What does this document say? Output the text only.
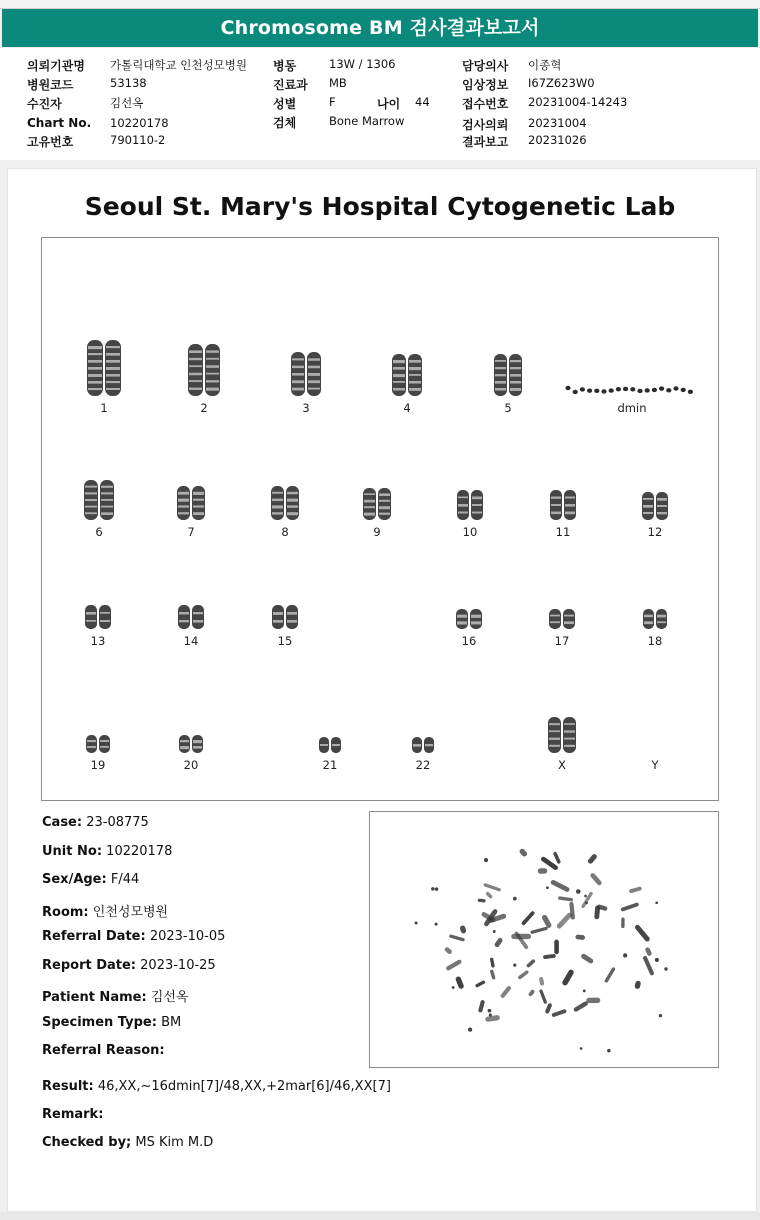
Chromosome BM 검사결과보고서
의뢰기관명 가톨릭대학교 인천성모병원
병원코드	53138
수진자	김선옥
Chart No. 10220178
고유번호	790110-2
병동	13W / 1306
진료과 MB
성별	F	나이 44
검체	Bone Marrow
담당의사 이종혁
임상정보 I67Z623W0
접수번호 20231004-14243
검사의뢰 20231004
결과보고 20231026
Seoul St. Mary's Hospital Cytogenetic Lab
1	2	3	4	5	dmin
6	7	8	9	10	11	12
13	14	15	16	17	18
19	20	21	22	X	Y
Case: 23-08775
Unit No: 10220178
Sex/Age: F/44
Room: 인천성모병원
Referral Date: 2023-10-05
Report Date: 2023-10-25
Patient Name: 김선옥
Specimen Type: BM
Referral Reason:
Result: 46,XX,~16dmin[7]/48,XX,+2mar[6]/46,XX[7]
Remark:
Checked by; MS Kim M.D
